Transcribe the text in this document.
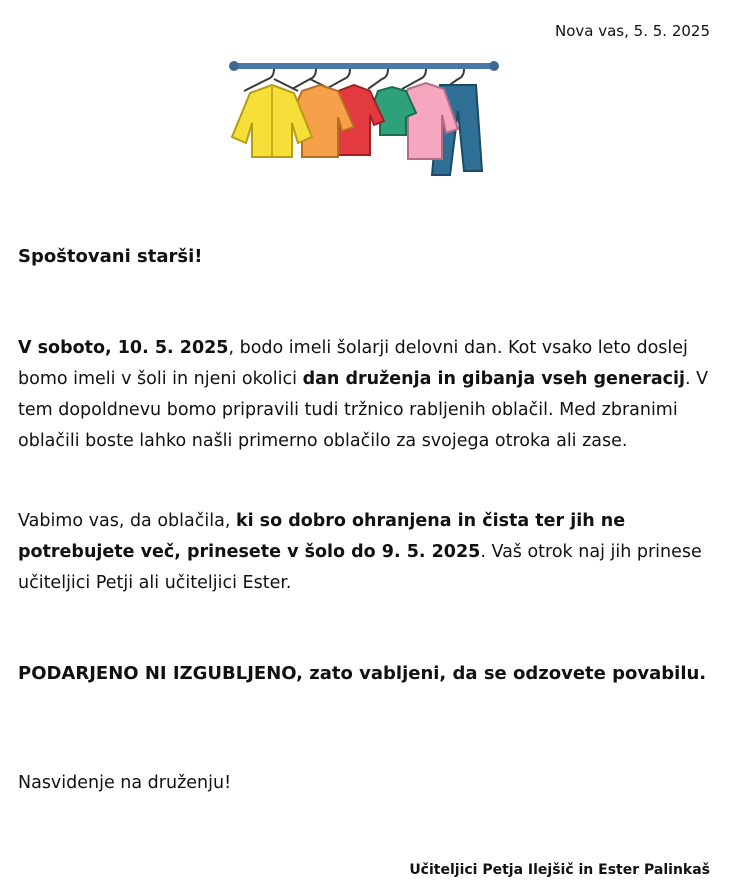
Nova vas, 5. 5. 2025
Spoštovani starši!

V soboto, 10. 5. 2025, bodo imeli šolarji delovni dan. Kot vsako leto doslej bomo imeli v šoli in njeni okolici dan druženja in gibanja vseh generacij. V tem dopoldnevu bomo pripravili tudi tržnico rabljenih oblačil. Med zbranimi oblačili boste lahko našli primerno oblačilo za svojega otroka ali zase.

Vabimo vas, da oblačila, ki so dobro ohranjena in čista ter jih ne potrebujete več, prinesete v šolo do 9. 5. 2025. Vaš otrok naj jih prinese učiteljici Petji ali učiteljici Ester.

PODARJENO NI IZGUBLJENO, zato vabljeni, da se odzovete povabilu.

Nasvidenje na druženju!
Učiteljici Petja Ilejšič in Ester Palinkaš
